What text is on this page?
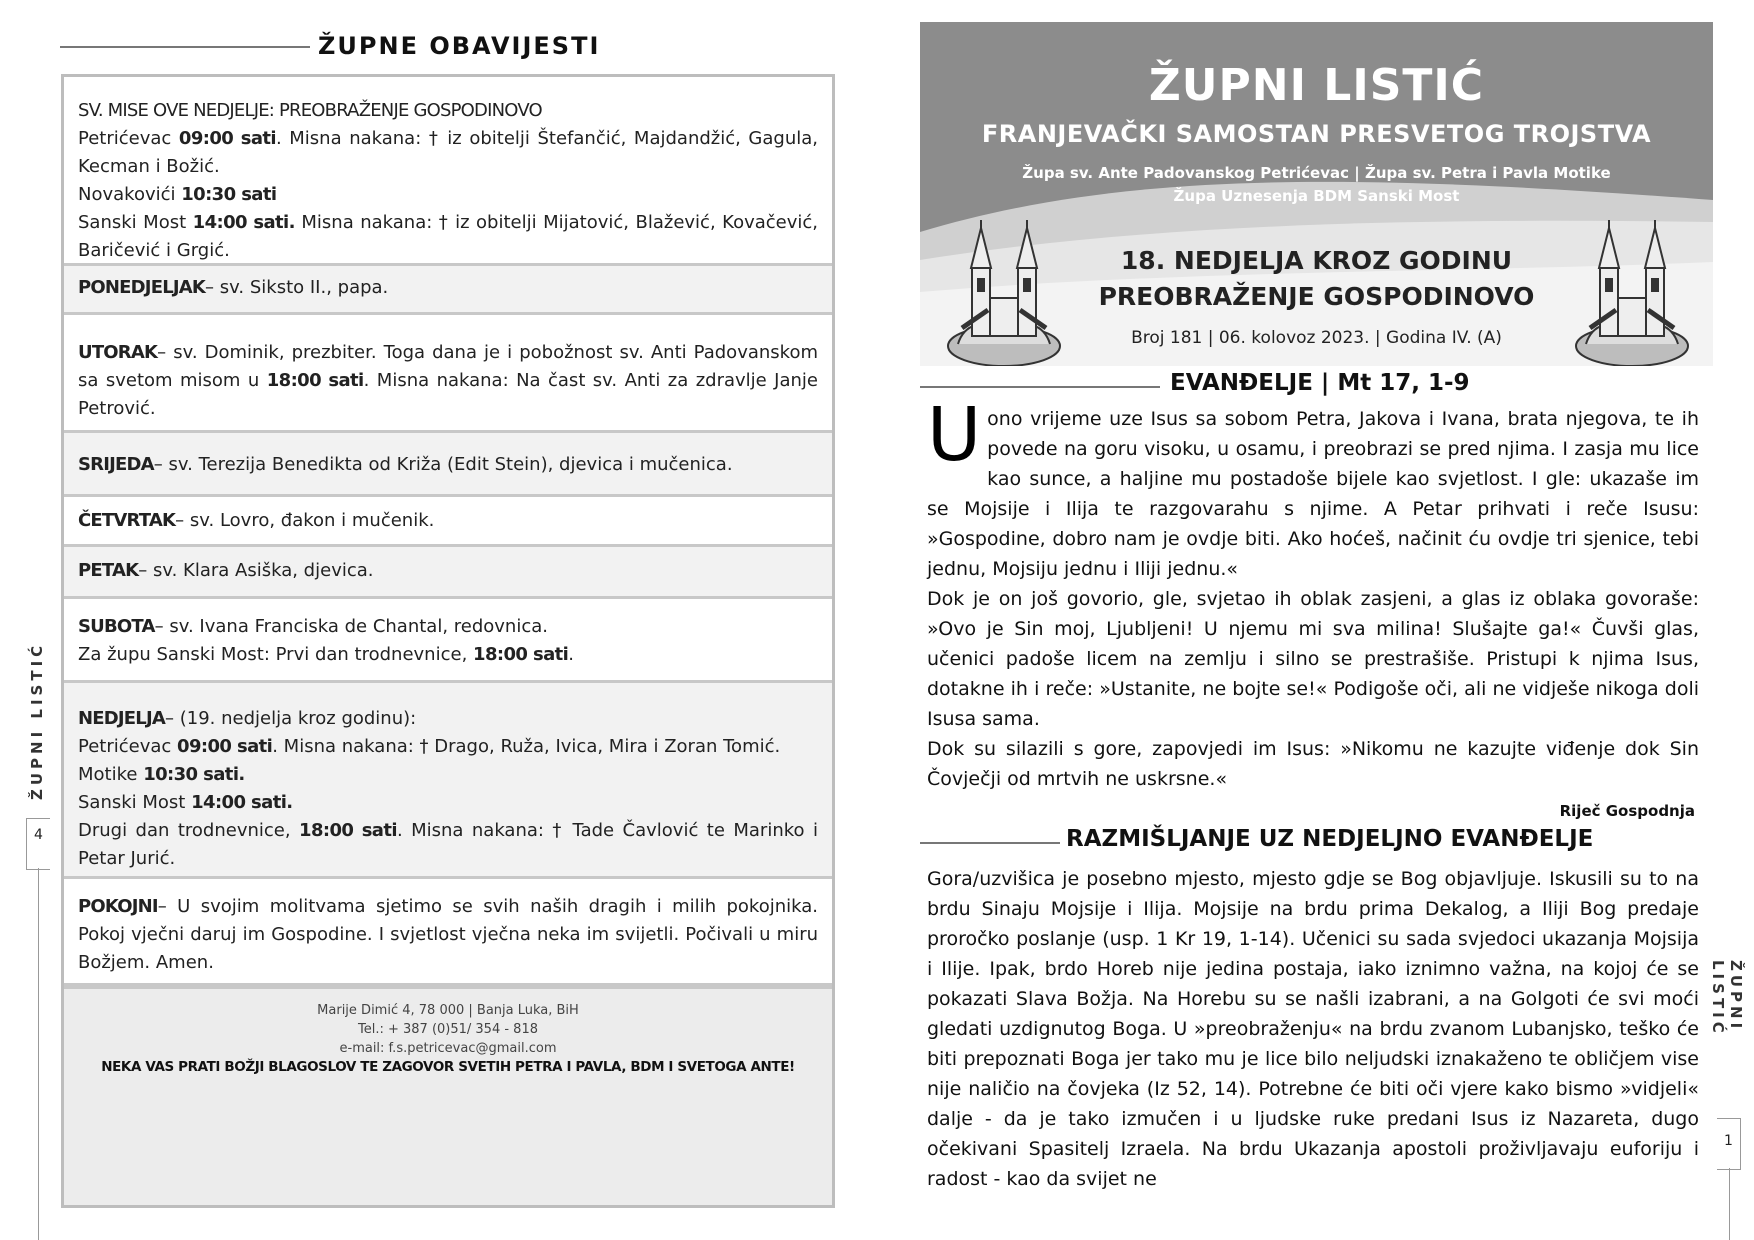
ŽUPNE OBAVIJESTI
SV. MISE OVE NEDJELJE: PREOBRAŽENJE GOSPODINOVO
Petrićevac 09:00 sati. Misna nakana: † iz obitelji Štefančić, Majdandžić, Gagula, Kecman i Božić.
Novakovići 10:30 sati
Sanski Most 14:00 sati. Misna nakana: † iz obitelji Mijatović, Blažević, Kovačević, Baričević i Grgić.
PONEDJELJAK– sv. Siksto II., papa.
UTORAK– sv. Dominik, prezbiter. Toga dana je i pobožnost sv. Anti Padovanskom sa svetom misom u 18:00 sati. Misna nakana: Na čast sv. Anti za zdravlje Janje Petrović.
SRIJEDA– sv. Terezija Benedikta od Križa (Edit Stein), djevica i mučenica.
ČETVRTAK– sv. Lovro, đakon i mučenik.
PETAK– sv. Klara Asiška, djevica.
SUBOTA– sv. Ivana Franciska de Chantal, redovnica.
Za župu Sanski Most: Prvi dan trodnevnice, 18:00 sati.
NEDJELJA– (19. nedjelja kroz godinu):
Petrićevac 09:00 sati. Misna nakana: † Drago, Ruža, Ivica, Mira i Zoran Tomić.
Motike 10:30 sati.
Sanski Most 14:00 sati.
Drugi dan trodnevnice, 18:00 sati. Misna nakana: † Tade Čavlović te Marinko i Petar Jurić.
POKOJNI– U svojim molitvama sjetimo se svih naših dragih i milih pokojnika. Pokoj vječni daruj im Gospodine. I svjetlost vječna neka im svijetli. Počivali u miru Božjem. Amen.
Marije Dimić 4, 78 000 | Banja Luka, BiH
Tel.: + 387 (0)51/ 354 - 818
e-mail: f.s.petricevac@gmail.com
NEKA VAS PRATI BOŽJI BLAGOSLOV TE ZAGOVOR SVETIH PETRA I PAVLA, BDM I SVETOGA ANTE!
ŽUPNI LISTIĆ
4
ŽUPNI LISTIĆ
FRANJEVAČKI SAMOSTAN PRESVETOG TROJSTVA
Župa sv. Ante Padovanskog Petrićevac | Župa sv. Petra i Pavla Motike
Župa Uznesenja BDM Sanski Most
18. NEDJELJA KROZ GODINU
PREOBRAŽENJE GOSPODINOVO
Broj 181 | 06. kolovoz 2023. | Godina IV. (A)
EVANĐELJE | Mt 17, 1-9

Uono vrijeme uze Isus sa sobom Petra, Jakova i Ivana, brata njegova, te ih povede na goru visoku, u osamu, i preobrazi se pred njima. I zasja mu lice kao sunce, a haljine mu postadoše bijele kao svjetlost. I gle: ukazaše im se Mojsije i Ilija te razgovarahu s njime. A Petar prihvati i reče Isusu: »Gospodine, dobro nam je ovdje biti. Ako hoćeš, načinit ću ovdje tri sjenice, tebi jednu, Mojsiju jednu i Iliji jednu.«

Dok je on još govorio, gle, svjetao ih oblak zasjeni, a glas iz oblaka govoraše: »Ovo je Sin moj, Ljubljeni! U njemu mi sva milina! Slušajte ga!« Čuvši glas, učenici padoše licem na zemlju i silno se prestrašiše. Pristupi k njima Isus, dotakne ih i reče: »Ustanite, ne bojte se!« Podigoše oči, ali ne vidješe nikoga doli Isusa sama.

Dok su silazili s gore, zapovjedi im Isus: »Nikomu ne kazujte viđenje dok Sin Čovječji od mrtvih ne uskrsne.«

Riječ Gospodnja
RAZMIŠLJANJE UZ NEDJELJNO EVANĐELJE
Gora/uzvišica je posebno mjesto, mjesto gdje se Bog objavljuje. Iskusili su to na brdu Sinaju Mojsije i Ilija. Mojsije na brdu prima Dekalog, a Iliji Bog predaje proročko poslanje (usp. 1 Kr 19, 1-14). Učenici su sada svjedoci ukazanja Mojsija i Ilije. Ipak, brdo Horeb nije jedina postaja, iako iznimno važna, na kojoj će se pokazati Slava Božja. Na Horebu su se našli izabrani, a na Golgoti će svi moći gledati uzdignutog Boga. U »preobraženju« na brdu zvanom Lubanjsko, teško će biti prepoznati Boga jer tako mu je lice bilo neljudski iznakaženo te obličjem vise nije naličio na čovjeka (Iz 52, 14). Potrebne će biti oči vjere kako bismo »vidjeli« dalje - da je tako izmučen i u ljudske ruke predani Isus iz Nazareta, dugo očekivani Spasitelj Izraela. Na brdu Ukazanja apostoli proživljavaju euforiju i radost - kao da svijet ne
ŽUPNI LISTIĆ
1
